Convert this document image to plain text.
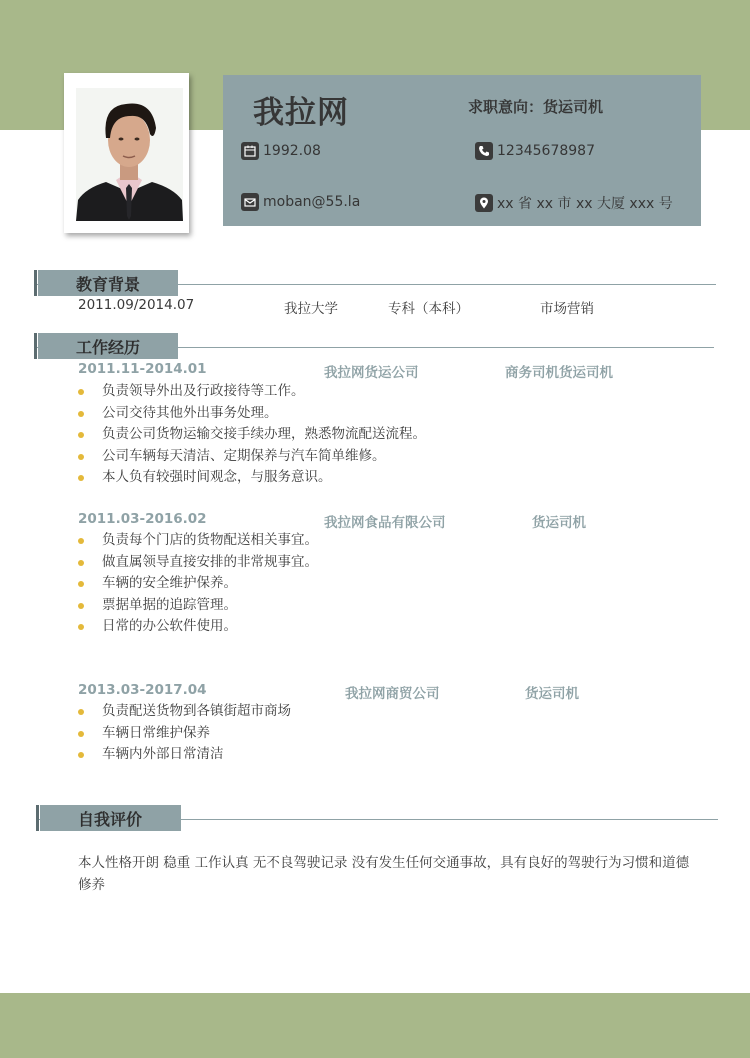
我拉网	求职意向：货运司机
1992.08	12345678987
moban@55.la	xx 省 xx 市 xx 大厦 xxx 号
教育背景
2011.09/2014.07	我拉大学	专科（本科）	市场营销
工作经历
2011.11-2014.01	我拉网货运公司	商务司机货运司机
负责领导外出及行政接待等工作。
公司交待其他外出事务处理。
负责公司货物运输交接手续办理，熟悉物流配送流程。
公司车辆每天清洁、定期保养与汽车简单维修。
本人负有较强时间观念，与服务意识。
2011.03-2016.02	我拉网食品有限公司	货运司机
负责每个门店的货物配送相关事宜。
做直属领导直接安排的非常规事宜。
车辆的安全维护保养。
票据单据的追踪管理。
日常的办公软件使用。
2013.03-2017.04	我拉网商贸公司	货运司机
负责配送货物到各镇街超市商场
车辆日常维护保养
车辆内外部日常清洁
自我评价
本人性格开朗 稳重 工作认真 无不良驾驶记录 没有发生任何交通事故，具有良好的驾驶行为习惯和道德修养
